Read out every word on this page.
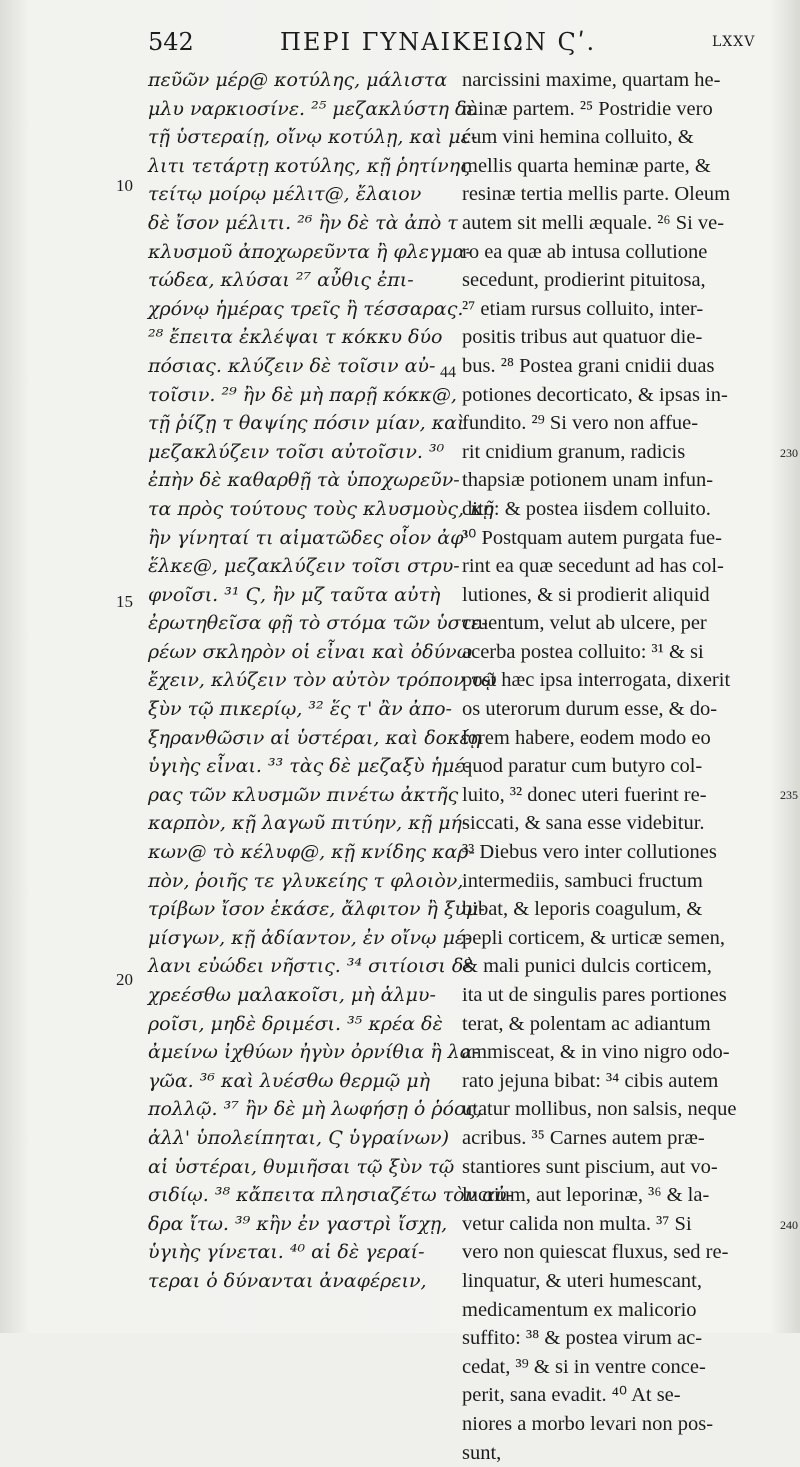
542	ΠΕΡΙ ΓΥΝΑΙΚΕΙΩΝ Ϛʹ.	LXXV
πεῦῶν μέρ@ κοτύλης, μάλιστα
μλυ ναρκιοσίνε. ²⁵ μεζακλύστη δὲ
τῇ ὑστεραίῃ, οἴνῳ κοτύλῃ, καὶ μέ-
λιτι τετάρτῃ κοτύλης, κῇ ῥητίνης
τείτῳ μοίρῳ μέλιτ@, ἔλαιον
δὲ ἴσον μέλιτι. ²⁶ ἢν δὲ τὰ ἀπὸ τ
κλυσμοῦ ἀποχωρεῦντα ἢ φλεγμα-
τώδεα, κλύσαι ²⁷ αὖθις ἐπι-
χρόνῳ ἡμέρας τρεῖς ἢ τέσσαρας.
²⁸ ἔπειτα ἐκλέψαι τ κόκκυ δύο
πόσιας. κλύζειν δὲ τοῖσιν αὐ-
τοῖσιν. ²⁹ ἢν δὲ μὴ παρῇ κόκκ@,
τῇ ῥίζῃ τ θαψίης πόσιν μίαν, καὶ
μεζακλύζειν τοῖσι αὐτοῖσιν. ³⁰
ἐπὴν δὲ καθαρθῇ τὰ ὑποχωρεῦν-
τα πρὸς τούτους τοὺς κλυσμοὺς, κῇ
ἢν γίνηταί τι αἱματῶδες οἷον ἀφ'
ἕλκε@, μεζακλύζειν τοῖσι στρυ-
φνοῖσι. ³¹ Ϛ, ἢν μζ ταῦτα αὐτὴ
ἐρωτηθεῖσα φῇ τὸ στόμα τῶν ὑστε-
ρέων σκληρὸν οἱ εἶναι καὶ ὀδύνω
ἔχειν, κλύζειν τὸν αὐτὸν τρόπον τῷ
ξὺν τῷ πικερίῳ, ³² ἕς τ' ἂν ἀπο-
ξηρανθῶσιν αἱ ὑστέραι, καὶ δοκέῃ
ὑγιὴς εἶναι. ³³ τὰς δὲ μεζαξὺ ἡμέ-
ρας τῶν κλυσμῶν πινέτω ἀκτῆς
καρπὸν, κῇ λαγωῦ πιτύην, κῇ μή-
κων@ τὸ κέλυφ@, κῇ κνίδης καρ-
πὸν, ῥοιῆς τε γλυκείης τ φλοιὸν,
τρίβων ἴσον ἑκάσε, ἄλφιτον ἢ ξυμ-
μίσγων, κῇ ἀδίαντον, ἐν οἴνῳ μέ-
λανι εὐώδει νῆστις. ³⁴ σιτίοισι δὲ
χρεέσθω μαλακοῖσι, μὴ ἁλμυ-
ροῖσι, μηδὲ δριμέσι. ³⁵ κρέα δὲ
ἀμείνω ἰχθύων ἠγὺν ὀρνίθια ἢ λα-
γῶα. ³⁶ καὶ λυέσθω θερμῷ μὴ
πολλῷ. ³⁷ ἢν δὲ μὴ λωφήσῃ ὁ ῥόος,
ἀλλ' ὑπολείπηται, Ϛ ὑγραίνων)
αἱ ὑστέραι, θυμιῆσαι τῷ ξὺν τῷ
σιδίῳ. ³⁸ κἄπειτα πλησιαζέτω τὸν αὐ-
δρα ἴτω. ³⁹ κἢν ἐν γαστρὶ ἴσχῃ,
ὑγιὴς γίνεται. ⁴⁰ αἱ δὲ γεραί-
τεραι ὁ δύνανται ἀναφέρειν,
narcissini maxime, quartam he-
minæ partem. ²⁵ Postridie vero
cum vini hemina colluito, &
mellis quarta heminæ parte, &
resinæ tertia mellis parte. Oleum
autem sit melli æquale. ²⁶ Si ve-
ro ea quæ ab intusa collutione
secedunt, prodierint pituitosa,
²⁷ etiam rursus colluito, inter-
positis tribus aut quatuor die-
bus. ²⁸ Postea grani cnidii duas
potiones decorticato, & ipsas in-
fundito. ²⁹ Si vero non affue-
rit cnidium granum, radicis
thapsiæ potionem unam infun-
dito: & postea iisdem colluito.
³⁰ Postquam autem purgata fue-
rint ea quæ secedunt ad has col-
lutiones, & si prodierit aliquid
cruentum, velut ab ulcere, per
acerba postea colluito: ³¹ & si
post hæc ipsa interrogata, dixerit
os uterorum durum esse, & do-
lorem habere, eodem modo eo
quod paratur cum butyro col-
luito, ³² donec uteri fuerint re-
siccati, & sana esse videbitur.
³³ Diebus vero inter collutiones
intermediis, sambuci fructum
bibat, & leporis coagulum, &
pepli corticem, & urticæ semen,
& mali punici dulcis corticem,
ita ut de singulis pares portiones
terat, & polentam ac adiantum
ammisceat, & in vino nigro odo-
rato jejuna bibat: ³⁴ cibis autem
utatur mollibus, non salsis, neque
acribus. ³⁵ Carnes autem præ-
stantiores sunt piscium, aut vo-
lucrium, aut leporinæ, ³⁶ & la-
vetur calida non multa. ³⁷ Si
vero non quiescat fluxus, sed re-
linquatur, & uteri humescant,
medicamentum ex malicorio
suffito: ³⁸ & postea virum ac-
cedat, ³⁹ & si in ventre conce-
perit, sana evadit. ⁴⁰ At se-
niores a morbo levari non pos-
sunt,
10
15
20
44
230
235
240
